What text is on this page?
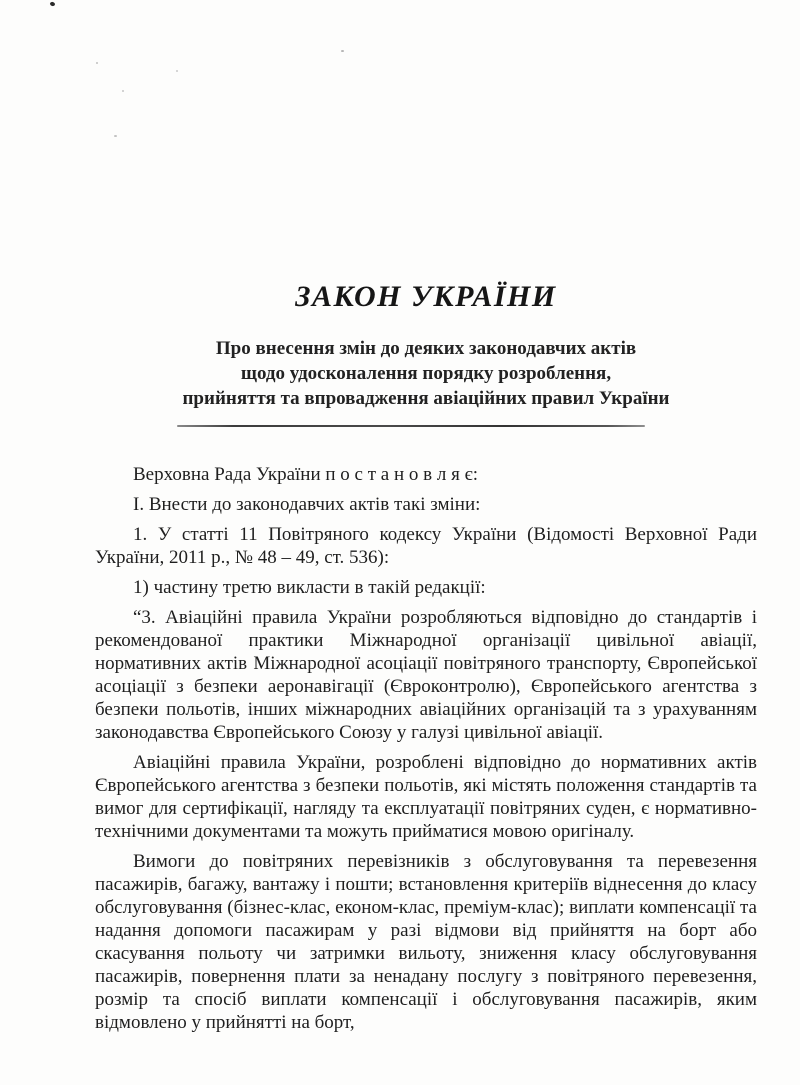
ЗАКОН УКРАЇНИ
Про внесення змін до деяких законодавчих актів
щодо удосконалення порядку розроблення,
прийняття та впровадження авіаційних правил України

Верховна Рада України п о с т а н о в л я є:

І. Внести до законодавчих актів такі зміни:

1. У статті 11 Повітряного кодексу України (Відомості Верховної Ради України, 2011 р., № 48 – 49, ст. 536):

1) частину третю викласти в такій редакції:

“3. Авіаційні правила України розробляються відповідно до стандартів і рекомендованої практики Міжнародної організації цивільної авіації, нормативних актів Міжнародної асоціації повітряного транспорту, Європейської асоціації з безпеки аеронавігації (Євроконтролю), Європейського агентства з безпеки польотів, інших міжнародних авіаційних організацій та з урахуванням законодавства Європейського Союзу у галузі цивільної авіації.

Авіаційні правила України, розроблені відповідно до нормативних актів Європейського агентства з безпеки польотів, які містять положення стандартів та вимог для сертифікації, нагляду та експлуатації повітряних суден, є нормативно-технічними документами та можуть прийматися мовою оригіналу.

Вимоги до повітряних перевізників з обслуговування та перевезення пасажирів, багажу, вантажу і пошти; встановлення критеріїв віднесення до класу обслуговування (бізнес-клас, економ-клас, преміум-клас); виплати компенсації та надання допомоги пасажирам у разі відмови від прийняття на борт або скасування польоту чи затримки вильоту, зниження класу обслуговування пасажирів, повернення плати за ненадану послугу з повітряного перевезення, розмір та спосіб виплати компенсації і обслуговування пасажирів, яким відмовлено у прийнятті на борт,
